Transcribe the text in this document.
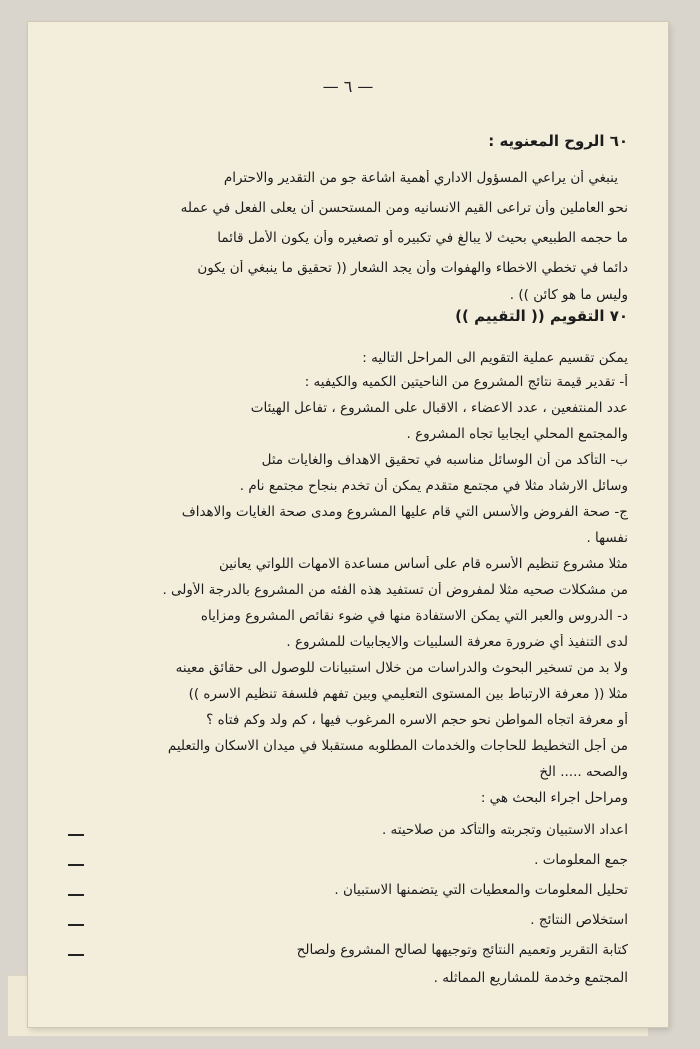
— ٦ —
٦٠ الروح المعنويه :
ينبغي أن يراعي المسؤول الاداري أهمية اشاعة جو من التقدير والاحترام
نحو العاملين وأن تراعى القيم الانسانيه ومن المستحسن أن يعلى الفعل في عمله
ما حجمه الطبيعي بحيث لا يبالغ في تكبيره أو تصغيره وأن يكون الأمل قائما
دائما في تخطي الاخطاء والهفوات وأن يجد الشعار (( تحقيق ما ينبغي أن يكون
وليس ما هو كائن )) .
٧٠ التقويم (( التقييم ))
يمكن تقسيم عملية التقويم الى المراحل التاليه :
أ- تقدير قيمة نتائج المشروع من الناحيتين الكميه والكيفيه :
عدد المنتفعين ، عدد الاعضاء ، الاقبال على المشروع ، تفاعل الهيئات
والمجتمع المحلي ايجابيا تجاه المشروع .
ب- التأكد من أن الوسائل مناسبه في تحقيق الاهداف والغايات مثل
وسائل الارشاد مثلا في مجتمع متقدم يمكن أن تخدم بنجاح مجتمع نام .
ج- صحة الفروض والأسس التي قام عليها المشروع ومدى صحة الغايات والاهداف
نفسها .
مثلا مشروع تنظيم الأسره قام على أساس مساعدة الامهات اللواتي يعانين
من مشكلات صحيه مثلا لمفروض أن تستفيد هذه الفئه من المشروع بالدرجة الأولى .
د- الدروس والعبر التي يمكن الاستفادة منها في ضوء نقائص المشروع ومزاياه
لدى التنفيذ أي ضرورة معرفة السلبيات والايجابيات للمشروع .
ولا بد من تسخير البحوث والدراسات من خلال استبيانات للوصول الى حقائق معينه
مثلا (( معرفة الارتباط بين المستوى التعليمي وبين تفهم فلسفة تنظيم الاسره ))
أو معرفة اتجاه المواطن نحو حجم الاسره المرغوب فيها ، كم ولد وكم فتاه ؟
من أجل التخطيط للحاجات والخدمات المطلوبه مستقبلا في ميدان الاسكان والتعليم
والصحه ..... الخ
ومراحل اجراء البحث هي :
اعداد الاستبيان وتجربته والتأكد من صلاحيته .
جمع المعلومات .
تحليل المعلومات والمعطيات التي يتضمنها الاستبيان .
استخلاص النتائج .
كتابة التقرير وتعميم النتائج وتوجيهها لصالح المشروع ولصالح
المجتمع وخدمة للمشاريع المماثله .
